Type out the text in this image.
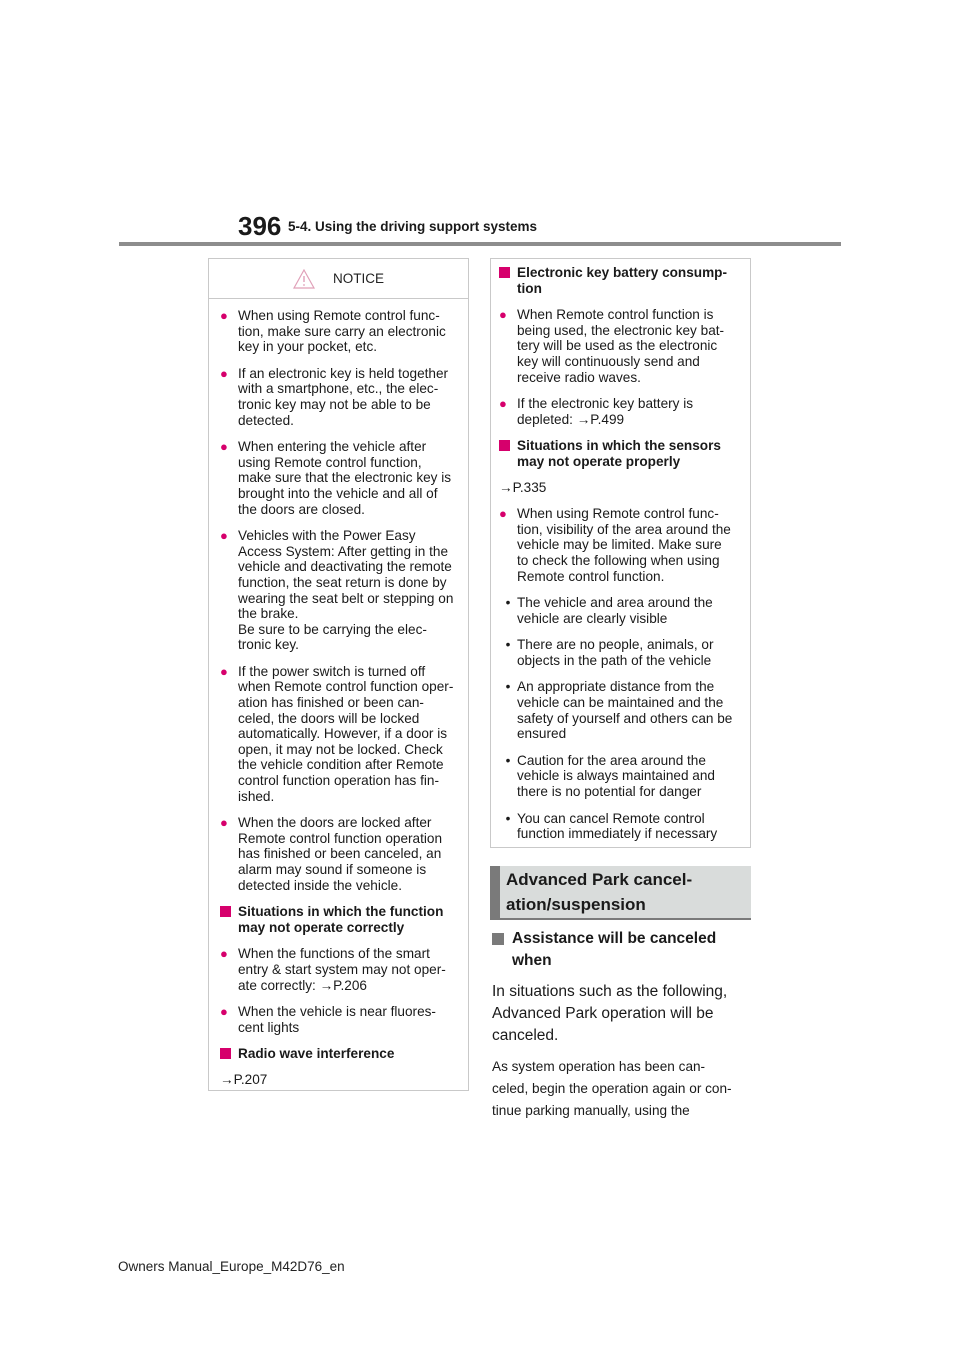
396 5-4. Using the driving support systems
NOTICE
● When using Remote control func-
tion, make sure carry an electronic
key in your pocket, etc.
● If an electronic key is held together
with a smartphone, etc., the elec-
tronic key may not be able to be
detected.
● When entering the vehicle after
using Remote control function,
make sure that the electronic key is
brought into the vehicle and all of
the doors are closed.
● Vehicles with the Power Easy
Access System: After getting in the
vehicle and deactivating the remote
function, the seat return is done by
wearing the seat belt or stepping on
the brake.
Be sure to be carrying the elec-
tronic key.
● If the power switch is turned off
when Remote control function oper-
ation has finished or been can-
celed, the doors will be locked
automatically. However, if a door is
open, it may not be locked. Check
the vehicle condition after Remote
control function operation has fin-
ished.
● When the doors are locked after
Remote control function operation
has finished or been canceled, an
alarm may sound if someone is
detected inside the vehicle.
Situations in which the function
may not operate correctly
● When the functions of the smart
entry & start system may not oper-
ate correctly: →P.206
● When the vehicle is near fluores-
cent lights
Radio wave interference
→P.207
Electronic key battery consump-
tion
● When Remote control function is
being used, the electronic key bat-
tery will be used as the electronic
key will continuously send and
receive radio waves.
● If the electronic key battery is
depleted: →P.499
Situations in which the sensors
may not operate properly
→P.335
● When using Remote control func-
tion, visibility of the area around the
vehicle may be limited. Make sure
to check the following when using
Remote control function.
• The vehicle and area around the
vehicle are clearly visible
• There are no people, animals, or
objects in the path of the vehicle
• An appropriate distance from the
vehicle can be maintained and the
safety of yourself and others can be
ensured
• Caution for the area around the
vehicle is always maintained and
there is no potential for danger
• You can cancel Remote control
function immediately if necessary
Advanced Park cancel-
ation/suspension
Assistance will be canceled
when
In situations such as the following,
Advanced Park operation will be
canceled.
As system operation has been can-
celed, begin the operation again or con-
tinue parking manually, using the
Owners Manual_Europe_M42D76_en
